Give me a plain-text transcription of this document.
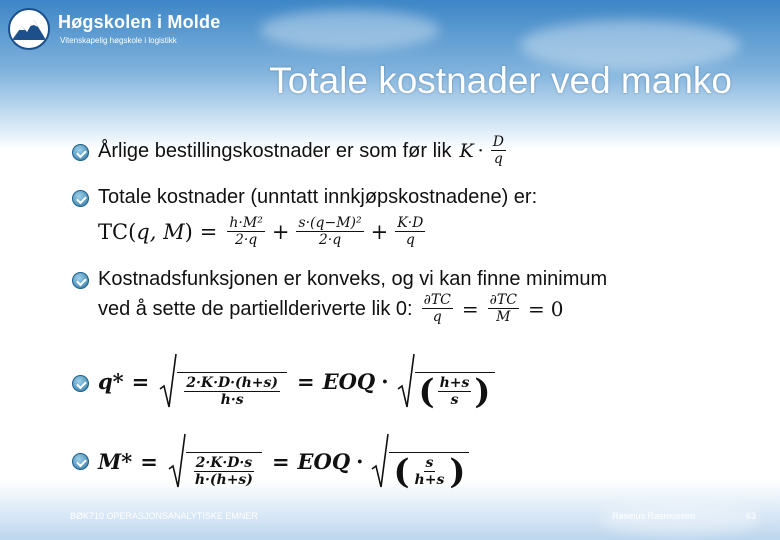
Høgskolen i Molde
Vitenskapelig høgskole i logistikk
Totale kostnader ved manko
Årlige bestillingskostnader er som før lik $K \cdot \frac{D}{q}$
Totale kostnader (unntatt innkjøpskostnadene) er:
TC( q, M ) = $\frac{\text{h·M²}}{2\cdot q} + \frac{\text{s·(q−M)²}}{2\cdot q} + \frac{K\cdot D}{q}$
Kostnadsfunksjonen er konveks, og vi kan finne minimum
ved å sette de partiellderiverte lik 0: $\frac{\partial TC}{q} = \frac{\partial TC}{M} = 0$
q* =	$\frac{2\cdot K\cdot D\cdot(h+s)}{h\cdot s}$ = EOQ · ( $\frac{h+s}{s}$ )
M* =	$\frac{2\cdot K\cdot D\cdot s}{h\cdot(h+s)}$ = EOQ · ( $\frac{s}{h+s}$ )
BØK710 OPERASJONSANALYTISKE EMNER	Rasmus Rasmussen	63
